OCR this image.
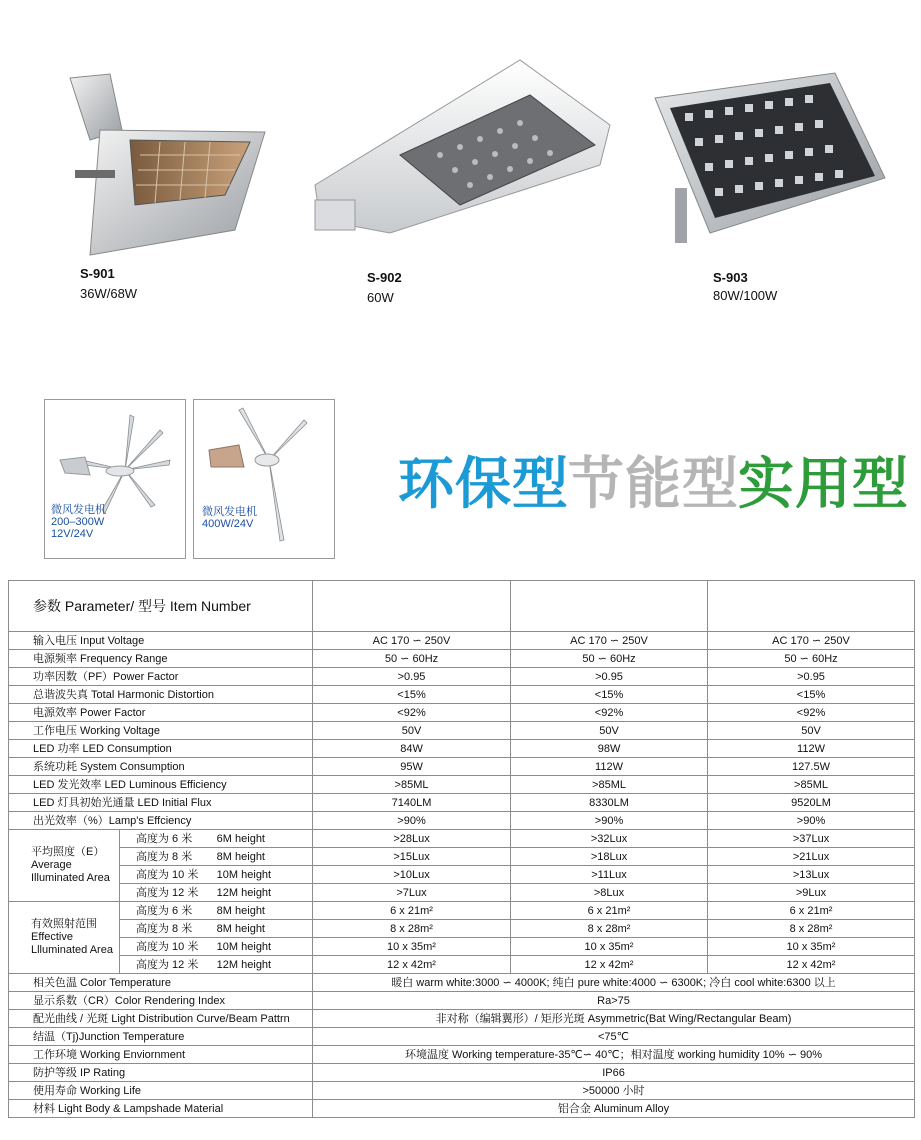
S-901
36W/68W
S-902
60W
S-903
80W/100W
微风发电机
200–300W
12V/24V
微风发电机
400W/24V
环保型 节能型 实用型
参数 Parameter/ 型号 Item Number				
输入电压 Input Voltage		AC 170 ∽ 250V	AC 170 ∽ 250V	AC 170 ∽ 250V
电源频率 Frequency Range		50 ∽ 60Hz	50 ∽ 60Hz	50 ∽ 60Hz
功率因数（PF）Power Factor		>0.95	>0.95	>0.95
总谐波失真 Total Harmonic Distortion		<15%	<15%	<15%
电源效率 Power Factor		<92%	<92%	<92%
工作电压 Working Voltage		50V	50V	50V
LED 功率 LED Consumption		84W	98W	112W
系统功耗 System Consumption		95W	112W	127.5W
LED 发光效率 LED Luminous Efficiency		>85ML	>85ML	>85ML
LED 灯具初始光通量 LED Initial Flux		7140LM	8330LM	9520LM
出光效率（%）Lamp's Effciency		>90%	>90%	>90%

平均照度（E）
Average
Illuminated Area	高度为 6 米        6M height	>28Lux	>32Lux	>37Lux
	高度为 8 米        8M height	>15Lux	>18Lux	>21Lux
	高度为 10 米      10M height	>10Lux	>11Lux	>13Lux
	高度为 12 米      12M height	>7Lux	>8Lux	>9Lux

有效照射范围
Effective
Llluminated Area	高度为 6 米        8M height	6 x 21m²	6 x 21m²	6 x 21m²
	高度为 8 米        8M height	8 x 28m²	8 x 28m²	8 x 28m²
	高度为 10 米      10M height	10 x 35m²	10 x 35m²	10 x 35m²
	高度为 12 米      12M height	12 x 42m²	12 x 42m²	12 x 42m²
相关色温 Color Temperature		暖白 warm white:3000 ∽ 4000K; 纯白 pure white:4000 ∽ 6300K; 冷白 cool white:6300 以上		
显示系数（CR）Color Rendering Index		Ra>75		
配光曲线 / 光斑 Light Distribution Curve/Beam Pattrn		非对称（编辑翼形）/ 矩形光斑 Asymmetric(Bat Wing/Rectangular Beam)		
结温（Tj)Junction Temperature		<75℃		
工作环境 Working Enviornment		环境温度 Working temperature-35℃∽ 40℃；相对温度 working humidity 10% ∽ 90%		
防护等级 IP Rating		IP66		
使用寿命 Working Life		>50000 小时		
材料 Light Body & Lampshade Material		铝合金 Aluminum Alloy		
